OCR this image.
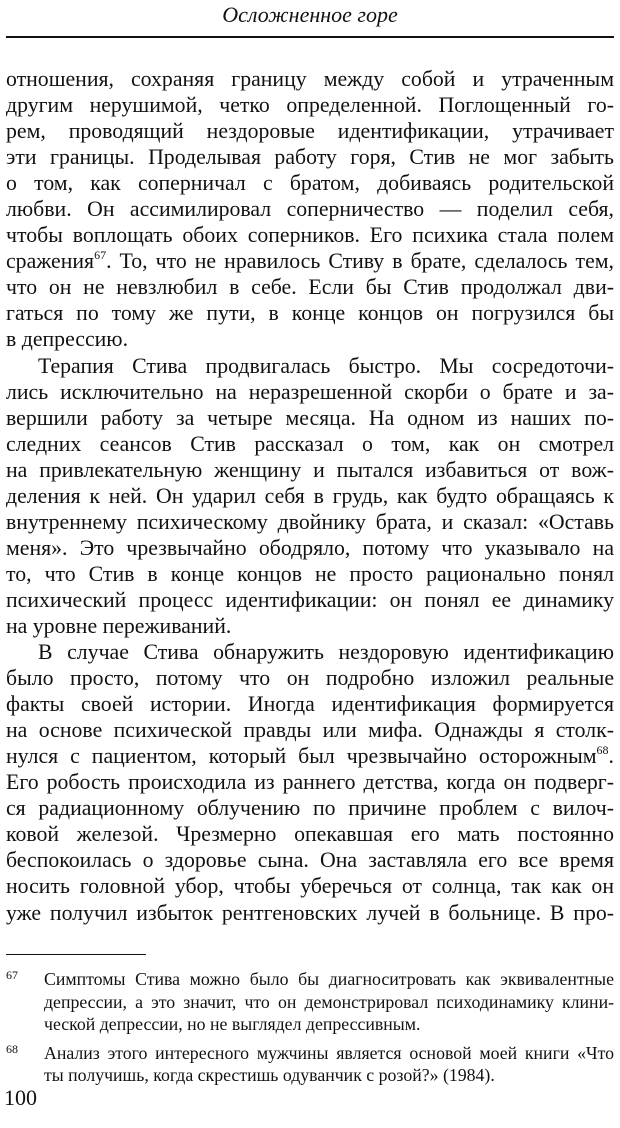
Осложненное горе
отношения, сохраняя границу между собой и утраченным
другим нерушимой, четко определенной. Поглощенный го-
рем, проводящий нездоровые идентификации, утрачивает
эти границы. Проделывая работу горя, Стив не мог забыть
о том, как соперничал с братом, добиваясь родительской
любви. Он ассимилировал соперничество — поделил себя,
чтобы воплощать обоих соперников. Его психика стала полем
сражения$^{67}$. То, что не нравилось Стиву в брате, сделалось тем,
что он не невзлюбил в себе. Если бы Стив продолжал дви-
гаться по тому же пути, в конце концов он погрузился бы
в депрессию.
Терапия Стива продвигалась быстро. Мы сосредоточи-
лись исключительно на неразрешенной скорби о брате и за-
вершили работу за четыре месяца. На одном из наших по-
следних сеансов Стив рассказал о том, как он смотрел
на привлекательную женщину и пытался избавиться от вож-
деления к ней. Он ударил себя в грудь, как будто обращаясь к
внутреннему психическому двойнику брата, и сказал: «Оставь
меня». Это чрезвычайно ободряло, потому что указывало на
то, что Стив в конце концов не просто рационально понял
психический процесс идентификации: он понял ее динамику
на уровне переживаний.
В случае Стива обнаружить нездоровую идентификацию
было просто, потому что он подробно изложил реальные
факты своей истории. Иногда идентификация формируется
на основе психической правды или мифа. Однажды я столк-
нулся с пациентом, который был чрезвычайно осторожным$^{68}$.
Его робость происходила из раннего детства, когда он подверг-
ся радиационному облучению по причине проблем с вилоч-
ковой железой. Чрезмерно опекавшая его мать постоянно
беспокоилась о здоровье сына. Она заставляла его все время
носить головной убор, чтобы уберечься от солнца, так как он
уже получил избыток рентгеновских лучей в больнице. В про-
67 Симптомы Стива можно было бы диагноситровать как эквивалентные
депрессии, а это значит, что он демонстрировал психодинамику клини-
ческой депрессии, но не выглядел депрессивным.
68 Анализ этого интересного мужчины является основой моей книги «Что
ты получишь, когда скрестишь одуванчик с розой?» (1984).
100
